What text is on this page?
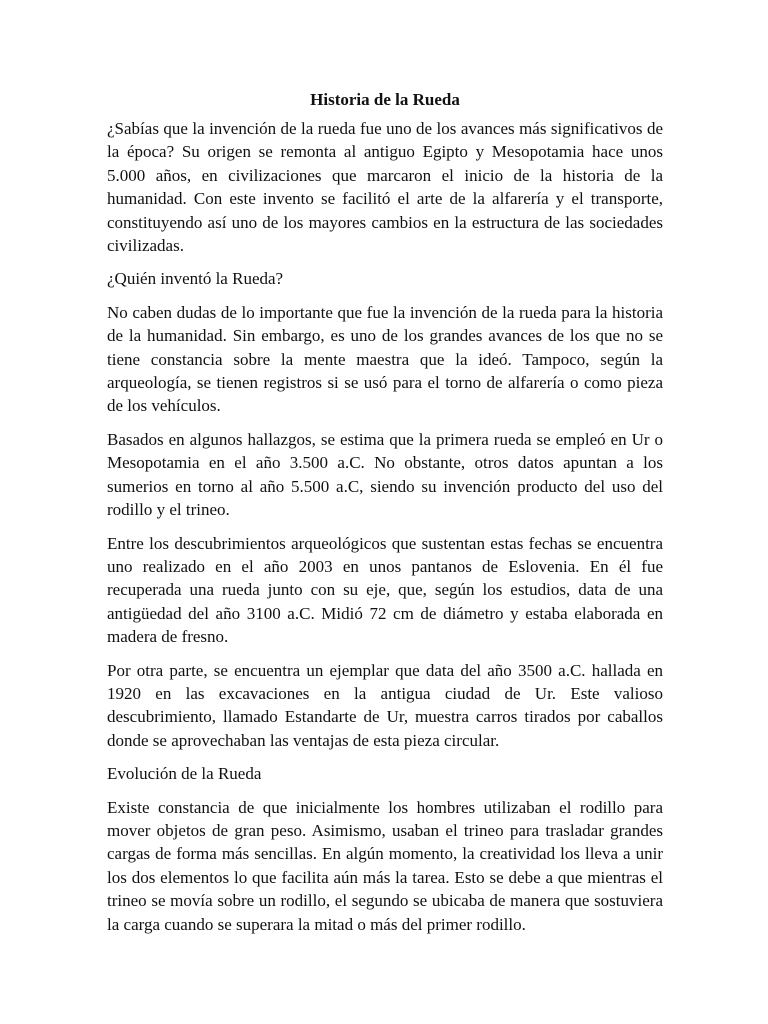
Historia de la Rueda

¿Sabías que la invención de la rueda fue uno de los avances más significativos de la época? Su origen se remonta al antiguo Egipto y Mesopotamia hace unos 5.000 años, en civilizaciones que marcaron el inicio de la historia de la humanidad. Con este invento se facilitó el arte de la alfarería y el transporte, constituyendo así uno de los mayores cambios en la estructura de las sociedades civilizadas.

¿Quién inventó la Rueda?

No caben dudas de lo importante que fue la invención de la rueda para la historia de la humanidad. Sin embargo, es uno de los grandes avances de los que no se tiene constancia sobre la mente maestra que la ideó. Tampoco, según la arqueología, se tienen registros si se usó para el torno de alfarería o como pieza de los vehículos.

Basados en algunos hallazgos, se estima que la primera rueda se empleó en Ur o Mesopotamia en el año 3.500 a.C. No obstante, otros datos apuntan a los sumerios en torno al año 5.500 a.C, siendo su invención producto del uso del rodillo y el trineo.

Entre los descubrimientos arqueológicos que sustentan estas fechas se encuentra uno realizado en el año 2003 en unos pantanos de Eslovenia. En él fue recuperada una rueda junto con su eje, que, según los estudios, data de una antigüedad del año 3100 a.C. Midió 72 cm de diámetro y estaba elaborada en madera de fresno.

Por otra parte, se encuentra un ejemplar que data del año 3500 a.C. hallada en 1920 en las excavaciones en la antigua ciudad de Ur. Este valioso descubrimiento, llamado Estandarte de Ur, muestra carros tirados por caballos donde se aprovechaban las ventajas de esta pieza circular.

Evolución de la Rueda

Existe constancia de que inicialmente los hombres utilizaban el rodillo para mover objetos de gran peso. Asimismo, usaban el trineo para trasladar grandes cargas de forma más sencillas. En algún momento, la creatividad los lleva a unir los dos elementos lo que facilita aún más la tarea. Esto se debe a que mientras el trineo se movía sobre un rodillo, el segundo se ubicaba de manera que sostuviera la carga cuando se superara la mitad o más del primer rodillo.
